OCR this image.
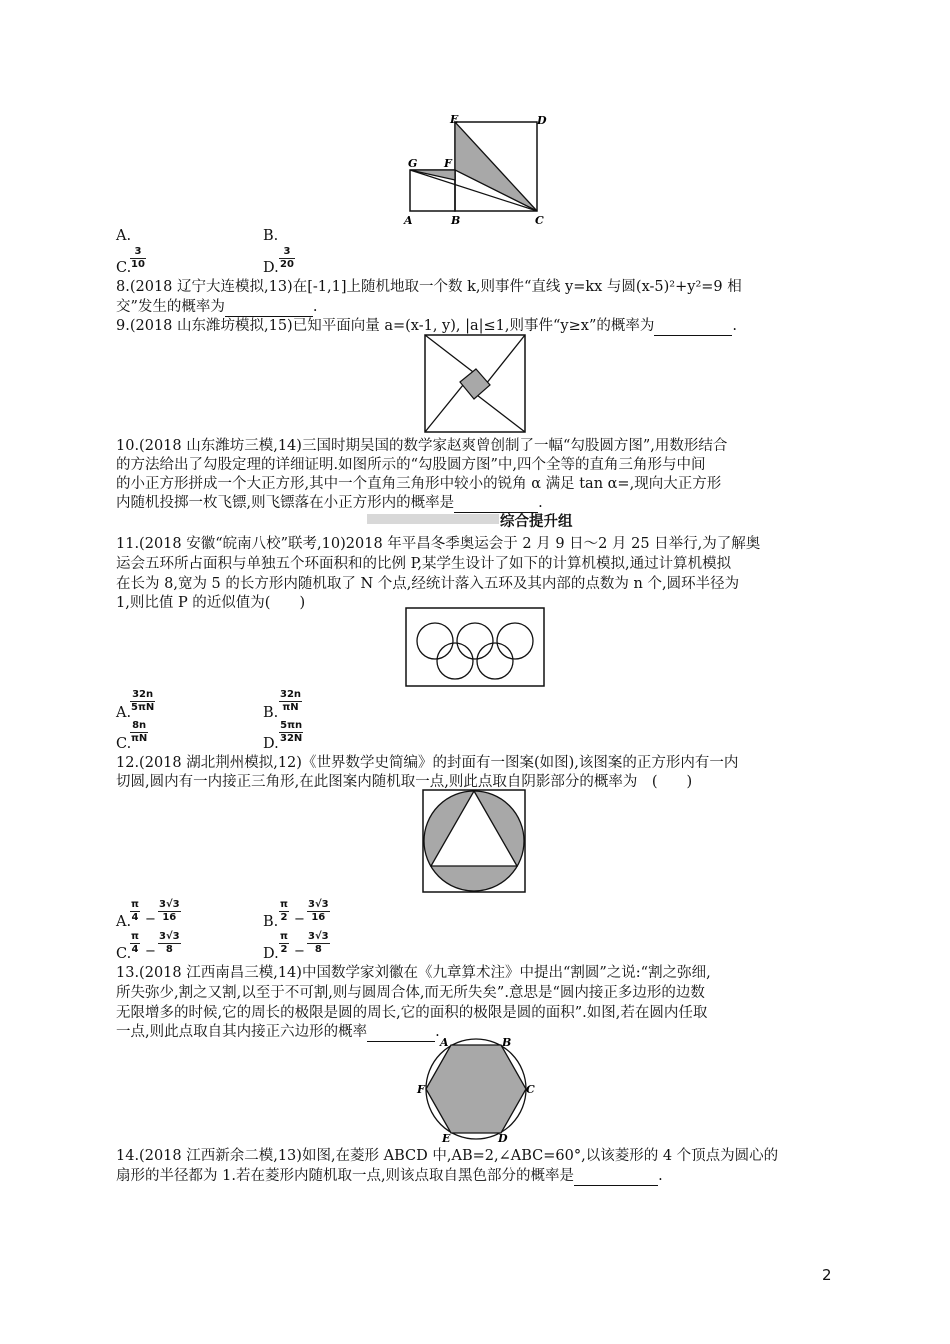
E	D
G F
A	B	C
A.	B.
C.
$\frac{3}{10}$	D. $\frac{3}{20}$
8.(2018 辽宁大连模拟,13)在[-1,1]上随机地取一个数 k,则事件“直线 y=kx 与圆(x-5)²+y²=9 相
交”发生的概率为	.
9.(2018 山东潍坊模拟,15)已知平面向量 a=(x-1, y), |a|≤1,则事件“y≥x”的概率为	.
10.(2018 山东潍坊三模,14)三国时期吴国的数学家赵爽曾创制了一幅“勾股圆方图”,用数形结合
的方法给出了勾股定理的详细证明.如图所示的“勾股圆方图”中,四个全等的直角三角形与中间
的小正方形拼成一个大正方形,其中一个直角三角形中较小的锐角 α 满足 tan α=,现向大正方形
内随机投掷一枚飞镖,则飞镖落在小正方形内的概率是	.
综合提升组
11.(2018 安徽“皖南八校”联考,10)2018 年平昌冬季奥运会于 2 月 9 日～2 月 25 日举行,为了解奥
运会五环所占面积与单独五个环面积和的比例 P,某学生设计了如下的计算机模拟,通过计算机模拟
在长为 8,宽为 5 的长方形内随机取了 N 个点,经统计落入五环及其内部的点数为 n 个,圆环半径为
1,则比值 P 的近似值为(　　)
A.
$\frac{32n}{5\pi N}$	B. $\frac{32n}{\pi N}$
C.
$\frac{8n}{\pi N}$	D. $\frac{5\pi n}{32N}$
12.(2018 湖北荆州模拟,12)《世界数学史简编》的封面有一图案(如图),该图案的正方形内有一内
切圆,圆内有一内接正三角形,在此图案内随机取一点,则此点取自阴影部分的概率为　(　　)
A.
$\frac{\pi}{4} - \frac{3√3}{16}$	B. $\frac{\pi}{2} - \frac{3√3}{16}$
C.
$\frac{\pi}{4} - \frac{3√3}{8}$	D. $\frac{\pi}{2} - \frac{3√3}{8}$
13.(2018 江西南昌三模,14)中国数学家刘徽在《九章算术注》中提出“割圆”之说:“割之弥细,
所失弥少,割之又割,以至于不可割,则与圆周合体,而无所失矣”.意思是“圆内接正多边形的边数
无限增多的时候,它的周长的极限是圆的周长,它的面积的极限是圆的面积”.如图,若在圆内任取
一点,则此点取自其内接正六边形的概率	.
A	B
C
D
E
F
14.(2018 江西新余二模,13)如图,在菱形 ABCD 中,AB=2,∠ABC=60°,以该菱形的 4 个顶点为圆心的
扇形的半径都为 1.若在菱形内随机取一点,则该点取自黑色部分的概率是	.
2
